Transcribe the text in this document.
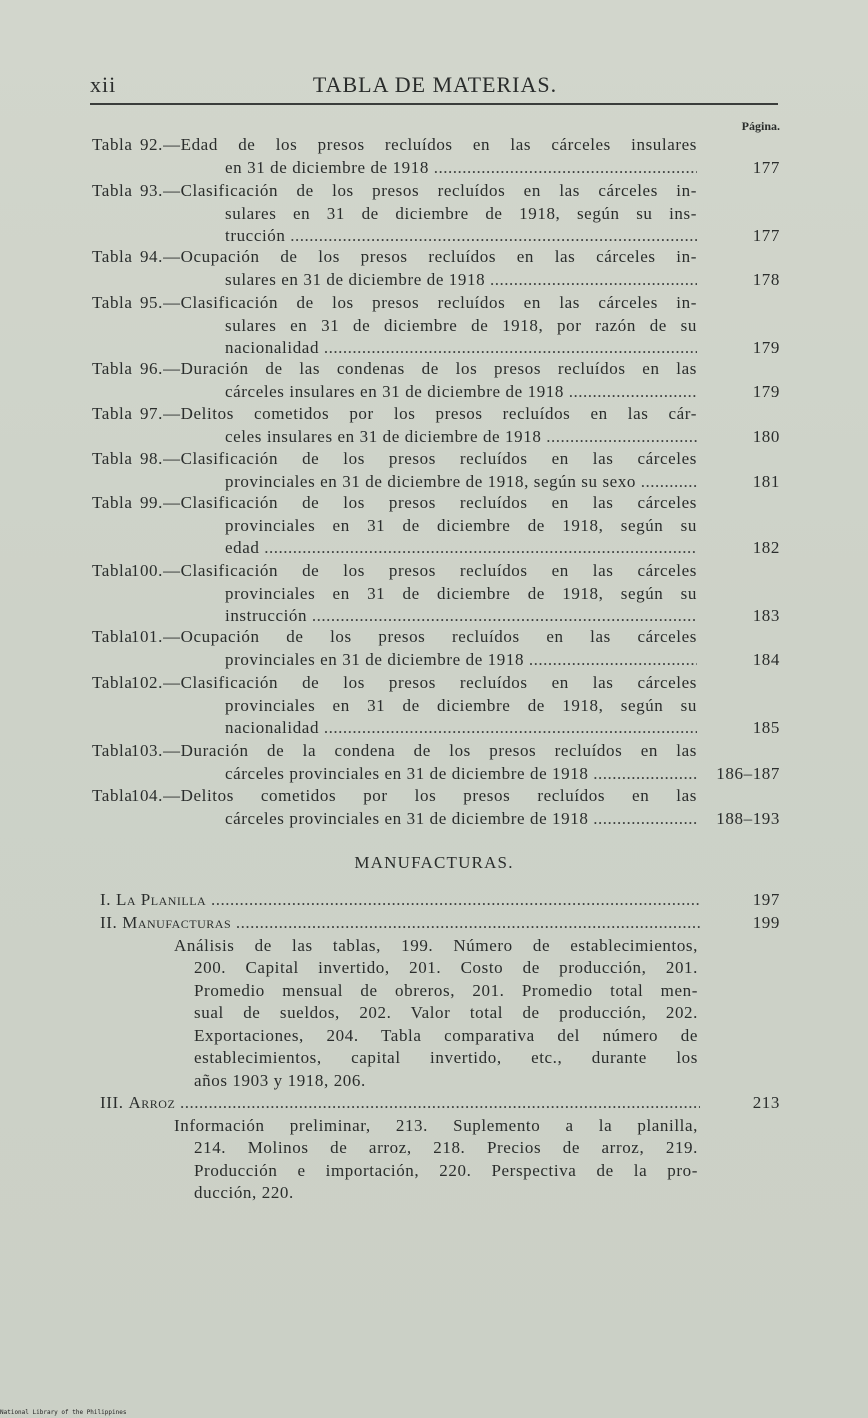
xii	TABLA DE MATERIAS.
Página.
Tabla 92. —Edad de los presos recluídos en las cárceles insulares
en 31 de diciembre de 1918 .....	177
Tabla 93. —Clasificación de los presos recluídos en las cárceles in-
sulares en 31 de diciembre de 1918, según su ins-
trucción .....	177
Tabla 94. —Ocupación de los presos recluídos en las cárceles in-
sulares en 31 de diciembre de 1918 .....	178
Tabla 95. —Clasificación de los presos recluídos en las cárceles in-
sulares en 31 de diciembre de 1918, por razón de su
nacionalidad .....	179
Tabla 96. —Duración de las condenas de los presos recluídos en las
cárceles insulares en 31 de diciembre de 1918 .....	179
Tabla 97. —Delitos cometidos por los presos recluídos en las cár-
celes insulares en 31 de diciembre de 1918 .....	180
Tabla 98. —Clasificación de los presos recluídos en las cárceles
provinciales en 31 de diciembre de 1918, según su sexo .....	181
Tabla 99. —Clasificación de los presos recluídos en las cárceles
provinciales en 31 de diciembre de 1918, según su
edad .....	182
Tabla
100. —Clasificación de los presos recluídos en las cárceles
provinciales en 31 de diciembre de 1918, según su
instrucción .....	183
Tabla
101. —Ocupación de los presos recluídos en las cárceles
provinciales en 31 de diciembre de 1918 .....	184
Tabla
102. —Clasificación de los presos recluídos en las cárceles
provinciales en 31 de diciembre de 1918, según su
nacionalidad .....	185
Tabla
103. —Duración de la condena de los presos recluídos en las
cárceles provinciales en 31 de diciembre de 1918 .....	186–187
Tabla
104. —Delitos cometidos por los presos recluídos en las
cárceles provinciales en 31 de diciembre de 1918 .....	188–193
MANUFACTURAS.
I. La Planilla .....	197
II. Manufacturas .....	199
Análisis de las tablas, 199. Número de establecimientos,
200. Capital invertido, 201. Costo de producción, 201.
Promedio mensual de obreros, 201. Promedio total men-
sual de sueldos, 202. Valor total de producción, 202.
Exportaciones, 204. Tabla comparativa del número de
establecimientos, capital invertido, etc., durante los
años 1903 y 1918, 206.
III. Arroz .....	213
Información preliminar, 213. Suplemento a la planilla,
214. Molinos de arroz, 218. Precios de arroz, 219.
Producción e importación, 220. Perspectiva de la pro-
ducción, 220.
National Library of the Philippines
